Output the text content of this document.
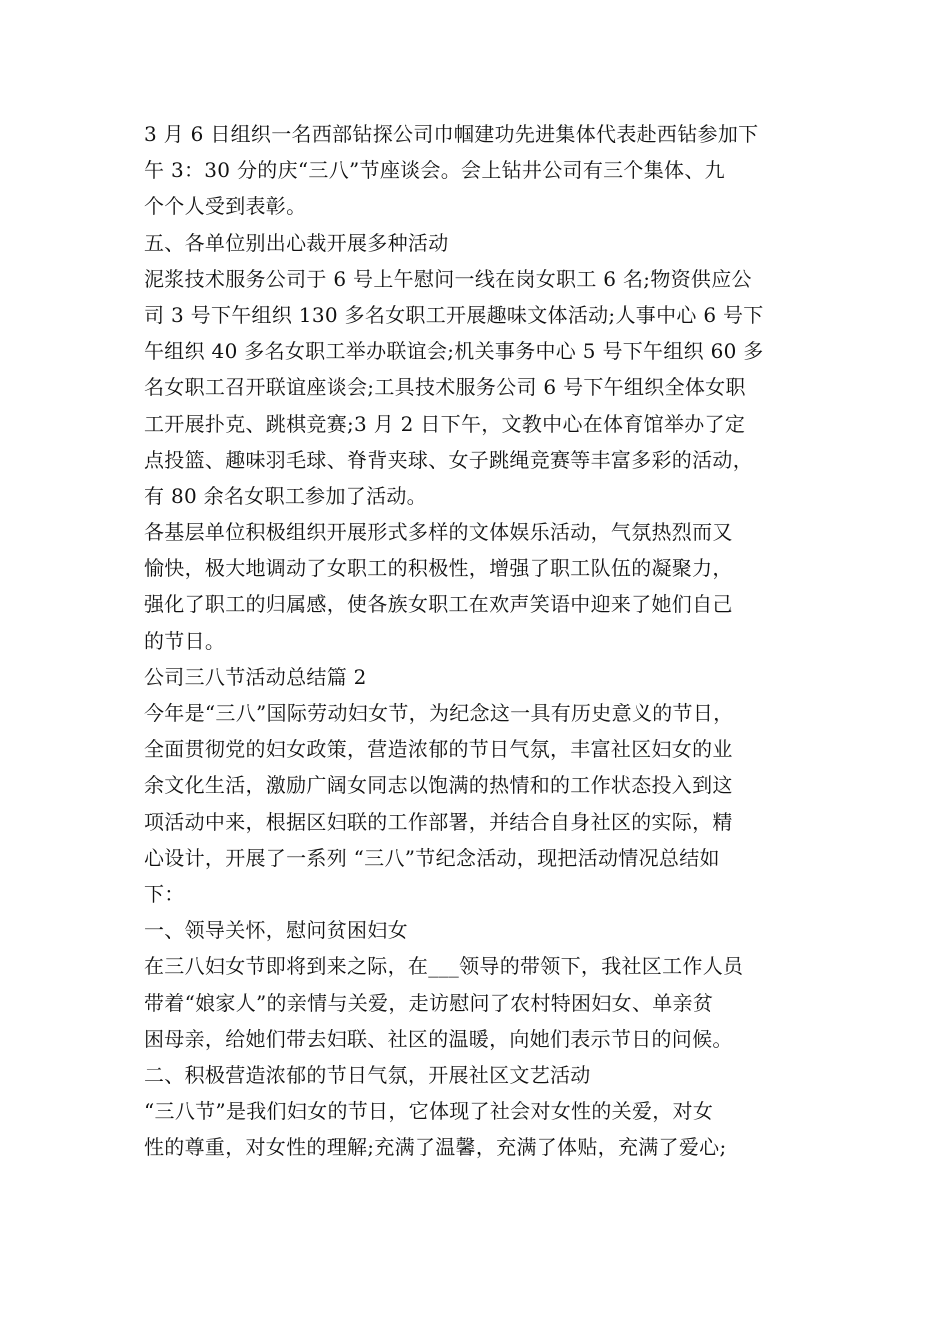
3 月 6 日组织一名西部钻探公司巾帼建功先进集体代表赴西钻参加下
午 3：30 分的庆“三八”节座谈会。会上钻井公司有三个集体、九
个个人受到表彰。
五、各单位别出心裁开展多种活动
泥浆技术服务公司于 6 号上午慰问一线在岗女职工 6 名;物资供应公
司 3 号下午组织 130 多名女职工开展趣味文体活动;人事中心 6 号下
午组织 40 多名女职工举办联谊会;机关事务中心 5 号下午组织 60 多
名女职工召开联谊座谈会;工具技术服务公司 6 号下午组织全体女职
工开展扑克、跳棋竞赛;3 月 2 日下午，文教中心在体育馆举办了定
点投篮、趣味羽毛球、脊背夹球、女子跳绳竞赛等丰富多彩的活动，
有 80 余名女职工参加了活动。
各基层单位积极组织开展形式多样的文体娱乐活动，气氛热烈而又
愉快，极大地调动了女职工的积极性，增强了职工队伍的凝聚力，
强化了职工的归属感，使各族女职工在欢声笑语中迎来了她们自己
的节日。
公司三八节活动总结篇 2
今年是“三八”国际劳动妇女节，为纪念这一具有历史意义的节日，
全面贯彻党的妇女政策，营造浓郁的节日气氛，丰富社区妇女的业
余文化生活，激励广阔女同志以饱满的热情和的工作状态投入到这
项活动中来，根据区妇联的工作部署，并结合自身社区的实际，精
心设计，开展了一系列 “三八”节纪念活动，现把活动情况总结如
下：
一、领导关怀，慰问贫困妇女
在三八妇女节即将到来之际，在___领导的带领下，我社区工作人员
带着“娘家人”的亲情与关爱，走访慰问了农村特困妇女、单亲贫
困母亲，给她们带去妇联、社区的温暖，向她们表示节日的问候。
二、积极营造浓郁的节日气氛，开展社区文艺活动
“三八节”是我们妇女的节日，它体现了社会对女性的关爱，对女
性的尊重，对女性的理解;充满了温馨，充满了体贴，充满了爱心;
